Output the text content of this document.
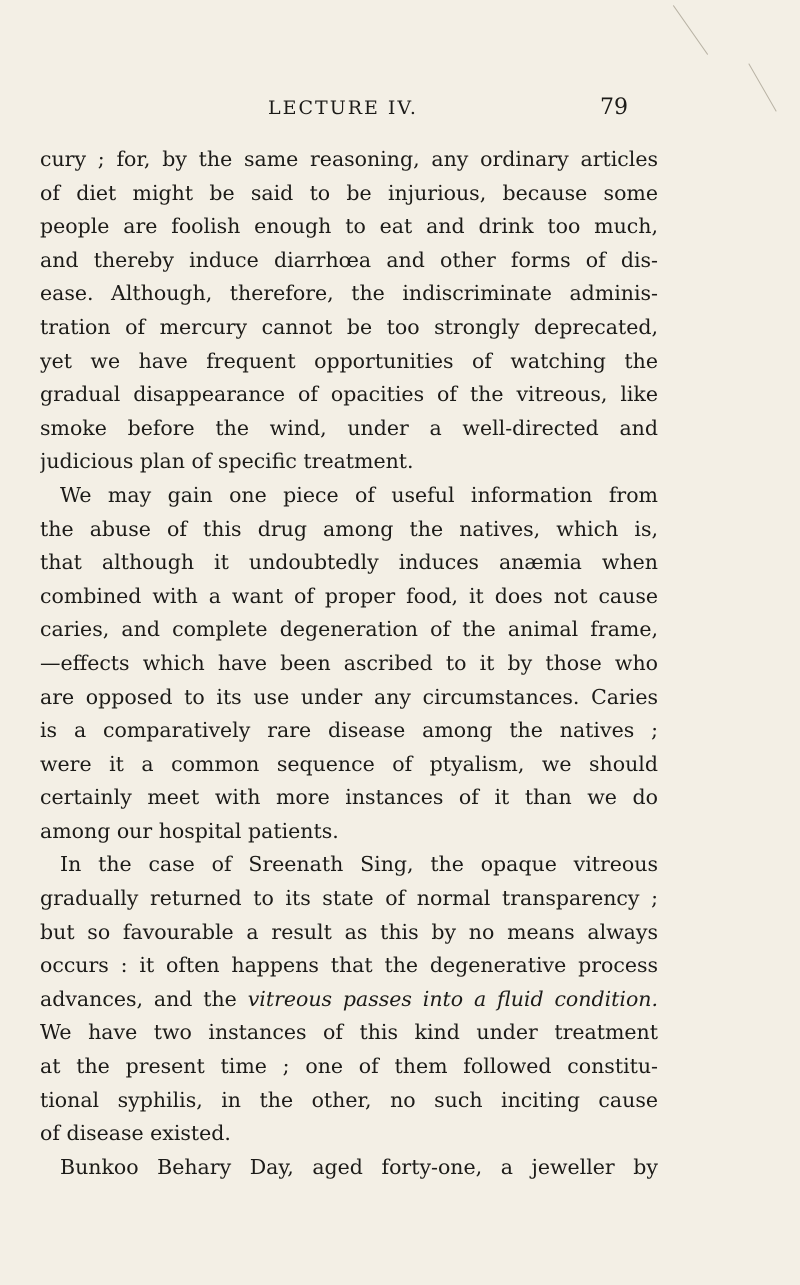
LECTURE IV.	79
cury ; for, by the same reasoning, any ordinary articles
of diet might be said to be injurious, because some
people are foolish enough to eat and drink too much,
and thereby induce diarrhœa and other forms of dis-
ease. Although, therefore, the indiscriminate adminis-
tration of mercury cannot be too strongly deprecated,
yet we have frequent opportunities of watching the
gradual disappearance of opacities of the vitreous, like
smoke before the wind, under a well-directed and
judicious plan of specific treatment.
We may gain one piece of useful information from
the abuse of this drug among the natives, which is,
that although it undoubtedly induces anæmia when
combined with a want of proper food, it does not cause
caries, and complete degeneration of the animal frame,
—effects which have been ascribed to it by those who
are opposed to its use under any circumstances. Caries
is a comparatively rare disease among the natives ;
were it a common sequence of ptyalism, we should
certainly meet with more instances of it than we do
among our hospital patients.
In the case of Sreenath Sing, the opaque vitreous
gradually returned to its state of normal transparency ;
but so favourable a result as this by no means always
occurs : it often happens that the degenerative process
advances, and the vitreous passes into a fluid condition.
We have two instances of this kind under treatment
at the present time ; one of them followed constitu-
tional syphilis, in the other, no such inciting cause
of disease existed.
Bunkoo Behary Day, aged forty-one, a jeweller by
